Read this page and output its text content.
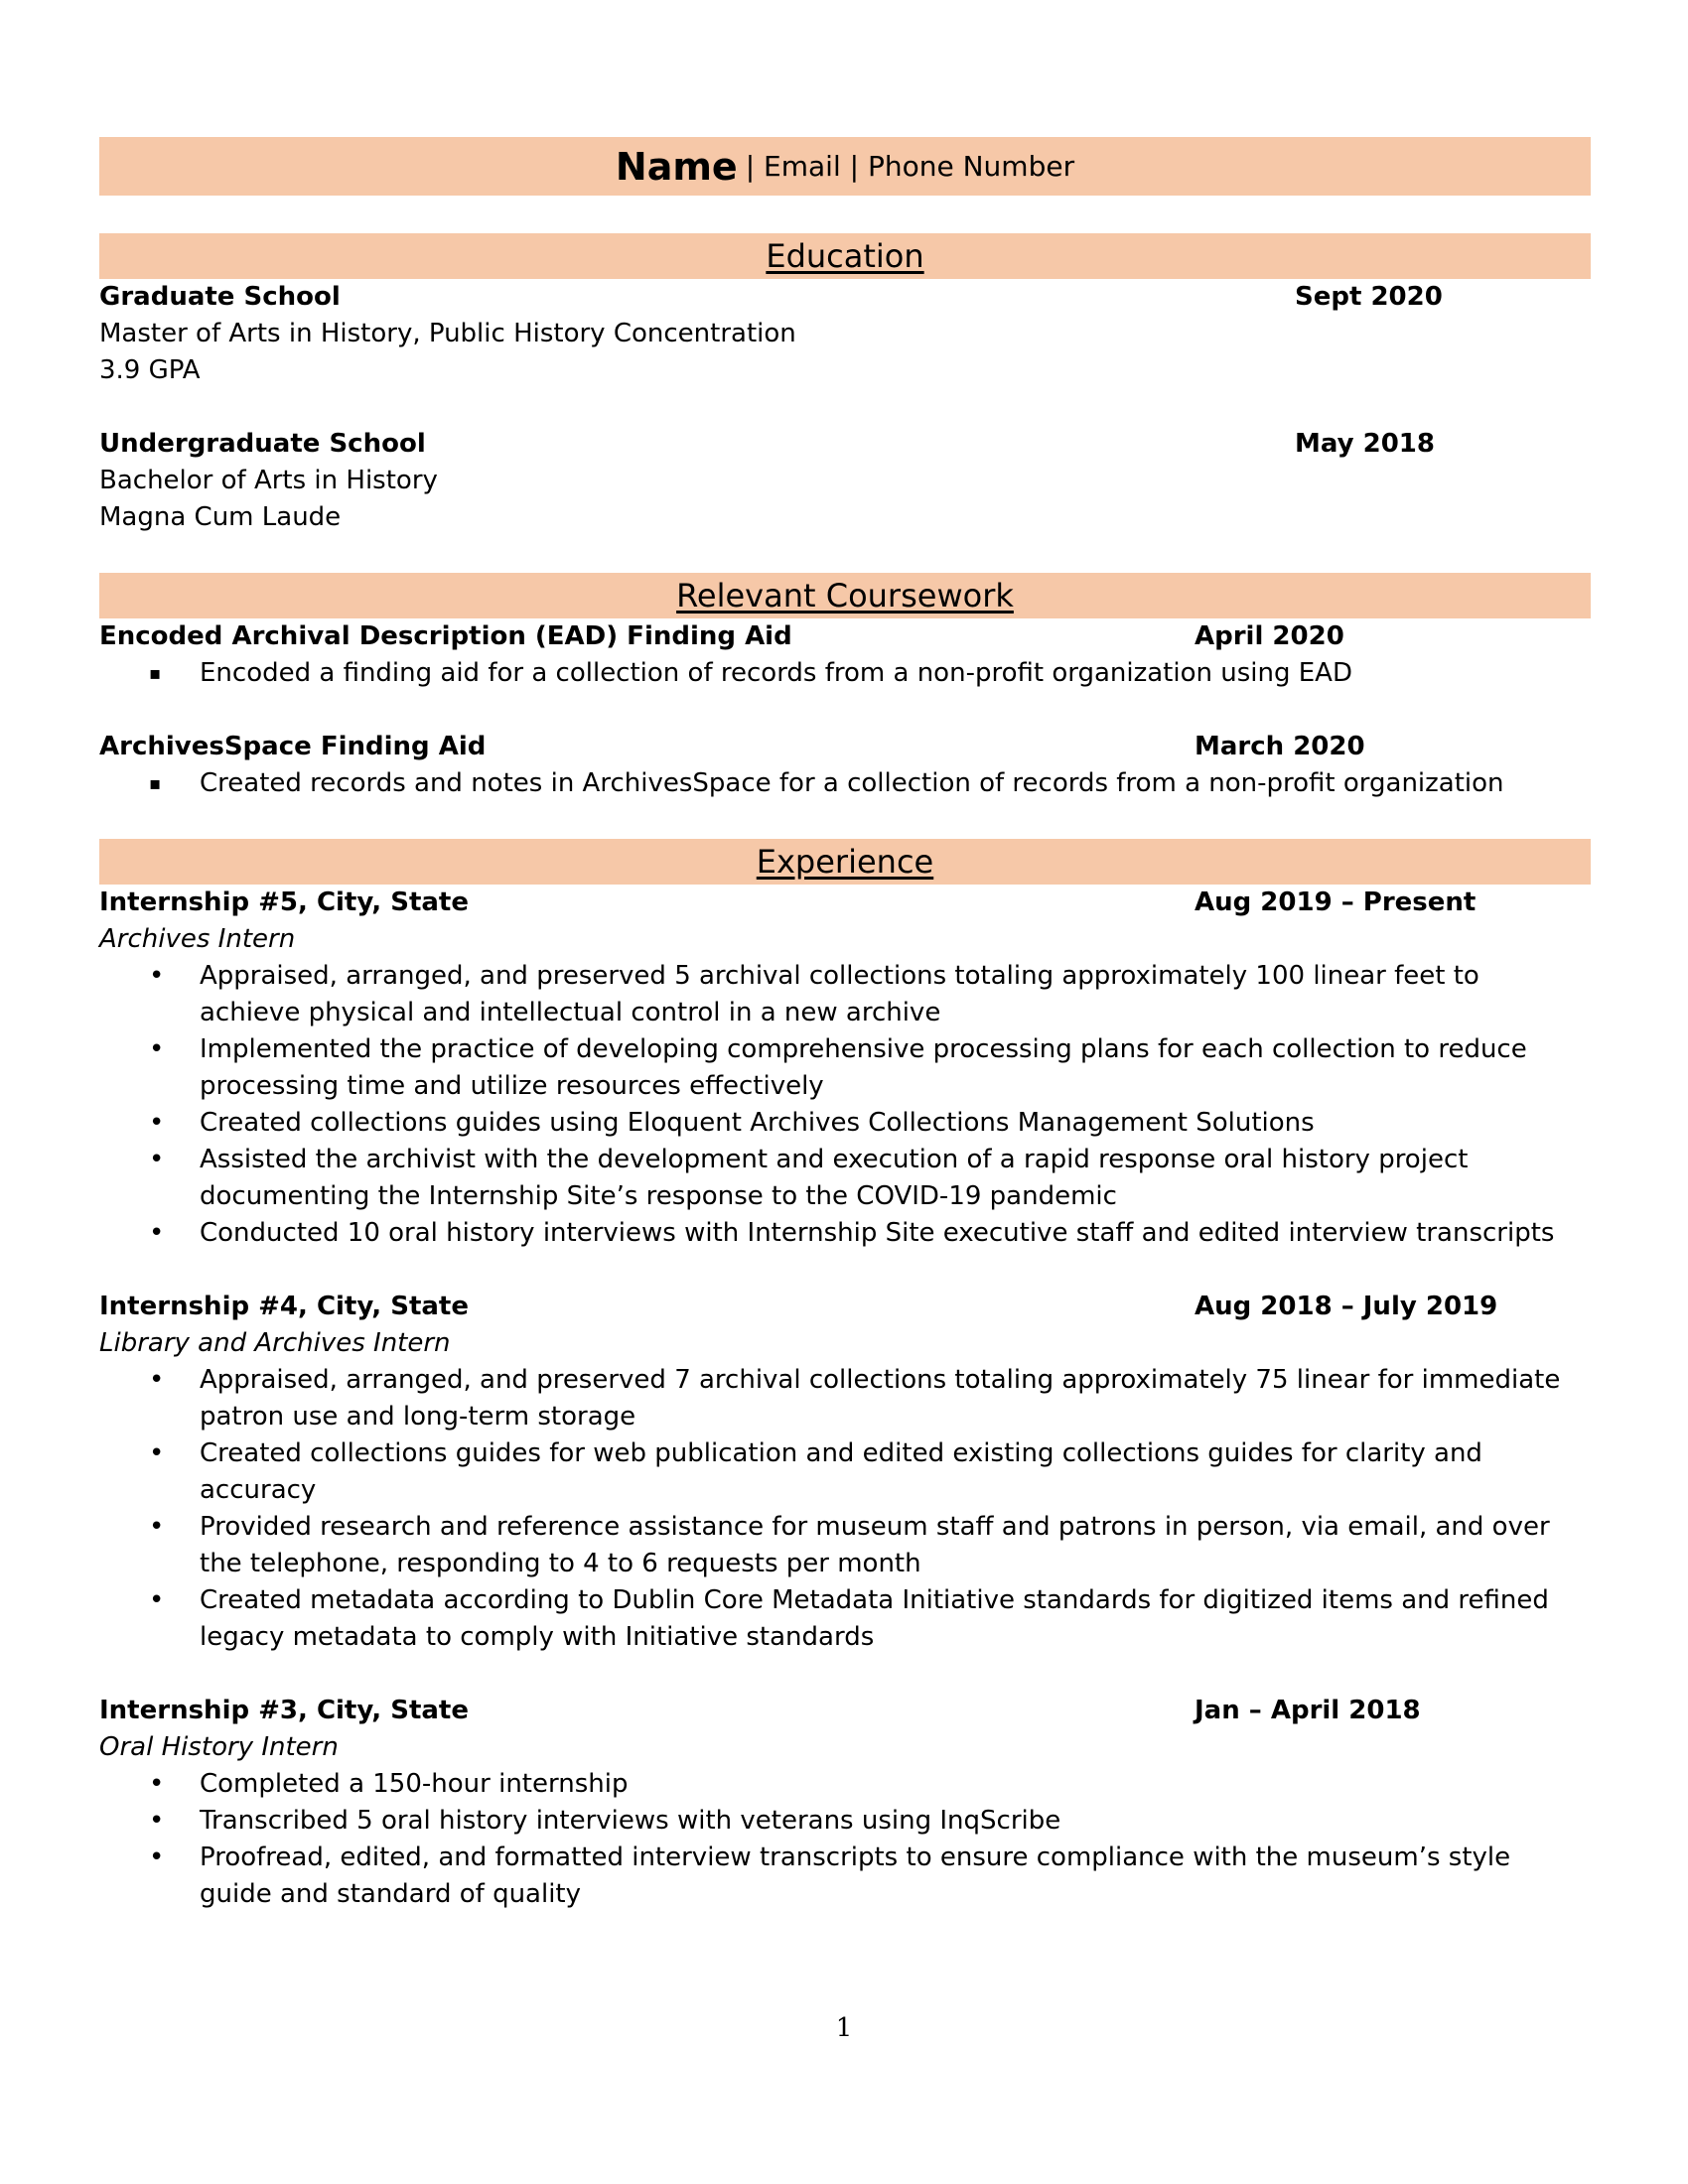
Name | Email | Phone Number
Education
Graduate School	Sept 2020
Master of Arts in History, Public History Concentration
3.9 GPA
Undergraduate School	May 2018
Bachelor of Arts in History
Magna Cum Laude
Relevant Coursework
Encoded Archival Description (EAD) Finding Aid	April 2020
▪ Encoded a finding aid for a collection of records from a non-profit organization using EAD
ArchivesSpace Finding Aid	March 2020
▪ Created records and notes in ArchivesSpace for a collection of records from a non-profit organization
Experience
Internship #5, City, State	Aug 2019 – Present
Archives Intern
• Appraised, arranged, and preserved 5 archival collections totaling approximately 100 linear feet to achieve physical and intellectual control in a new archive
• Implemented the practice of developing comprehensive processing plans for each collection to reduce processing time and utilize resources effectively
• Created collections guides using Eloquent Archives Collections Management Solutions
• Assisted the archivist with the development and execution of a rapid response oral history project documenting the Internship Site’s response to the COVID-19 pandemic
• Conducted 10 oral history interviews with Internship Site executive staff and edited interview transcripts
Internship #4, City, State	Aug 2018 – July 2019
Library and Archives Intern
• Appraised, arranged, and preserved 7 archival collections totaling approximately 75 linear for immediate patron use and long-term storage
• Created collections guides for web publication and edited existing collections guides for clarity and accuracy
• Provided research and reference assistance for museum staff and patrons in person, via email, and over the telephone, responding to 4 to 6 requests per month
• Created metadata according to Dublin Core Metadata Initiative standards for digitized items and refined legacy metadata to comply with Initiative standards
Internship #3, City, State	Jan – April 2018
Oral History Intern
• Completed a 150-hour internship
• Transcribed 5 oral history interviews with veterans using InqScribe
• Proofread, edited, and formatted interview transcripts to ensure compliance with the museum’s style guide and standard of quality
1
